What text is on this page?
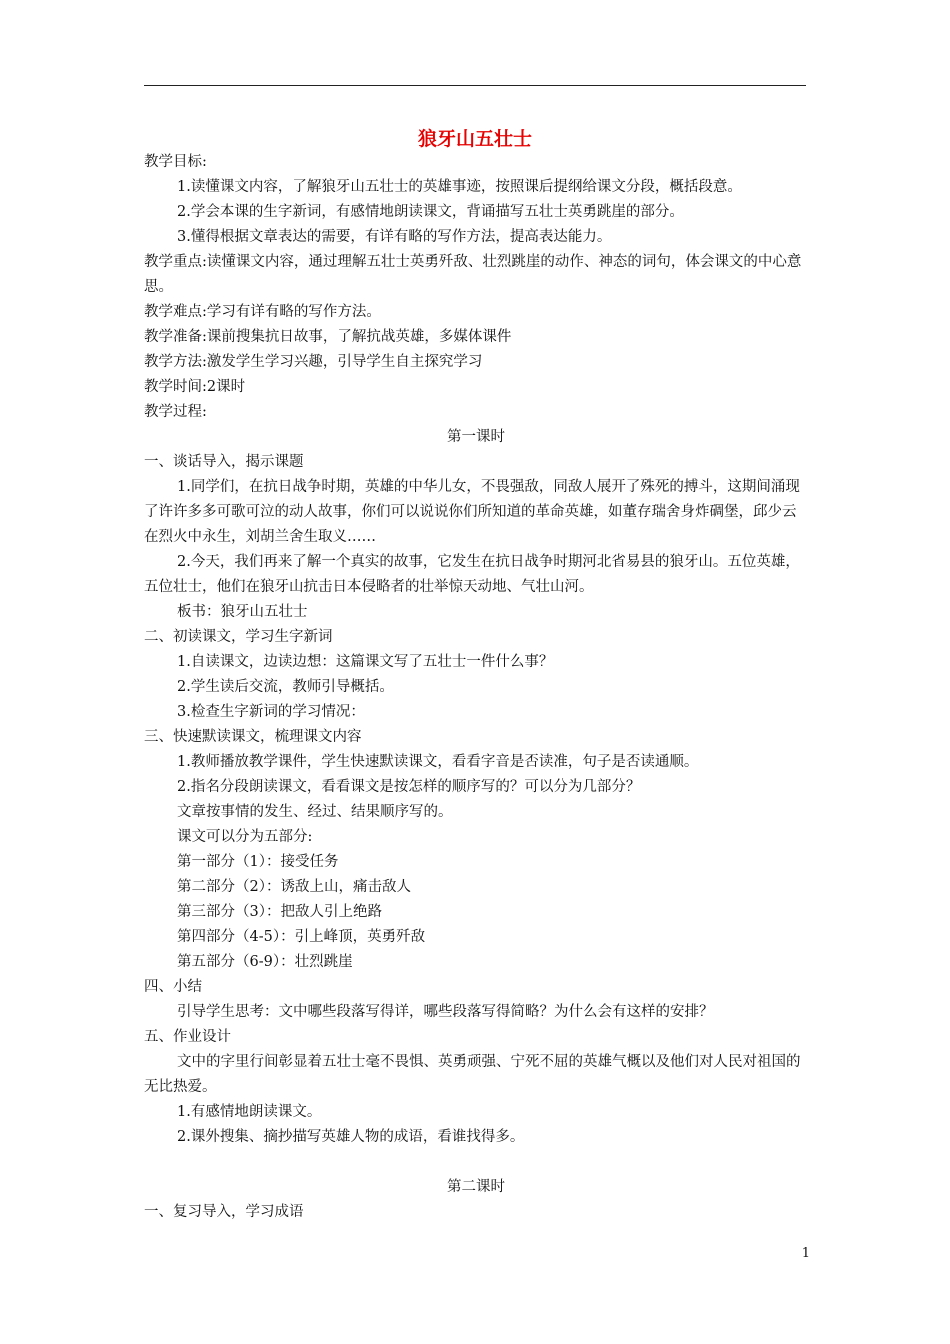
狼牙山五壮士

教学目标:

1.读懂课文内容，了解狼牙山五壮士的英雄事迹，按照课后提纲给课文分段，概括段意。

2.学会本课的生字新词，有感情地朗读课文，背诵描写五壮士英勇跳崖的部分。

3.懂得根据文章表达的需要，有详有略的写作方法，提高表达能力。

教学重点:读懂课文内容，通过理解五壮士英勇歼敌、壮烈跳崖的动作、神态的词句，体会课文的中心意思。

教学难点:学习有详有略的写作方法。

教学准备:课前搜集抗日故事，了解抗战英雄，多媒体课件

教学方法:激发学生学习兴趣，引导学生自主探究学习

教学时间:2课时

教学过程:

第一课时

一、谈话导入，揭示课题

1.同学们，在抗日战争时期，英雄的中华儿女，不畏强敌，同敌人展开了殊死的搏斗，这期间涌现了许许多多可歌可泣的动人故事，你们可以说说你们所知道的革命英雄，如董存瑞舍身炸碉堡，邱少云在烈火中永生，刘胡兰舍生取义……

2.今天，我们再来了解一个真实的故事，它发生在抗日战争时期河北省易县的狼牙山。五位英雄，五位壮士，他们在狼牙山抗击日本侵略者的壮举惊天动地、气壮山河。

板书：狼牙山五壮士

二、初读课文，学习生字新词

1.自读课文，边读边想：这篇课文写了五壮士一件什么事？

2.学生读后交流，教师引导概括。

3.检查生字新词的学习情况：

三、快速默读课文，梳理课文内容

1.教师播放教学课件，学生快速默读课文，看看字音是否读准，句子是否读通顺。

2.指名分段朗读课文，看看课文是按怎样的顺序写的？可以分为几部分？

文章按事情的发生、经过、结果顺序写的。

课文可以分为五部分:

第一部分（1）：接受任务

第二部分（2）：诱敌上山，痛击敌人

第三部分（3）：把敌人引上绝路

第四部分（4-5）：引上峰顶，英勇歼敌

第五部分（6-9）：壮烈跳崖

四、小结

引导学生思考：文中哪些段落写得详，哪些段落写得简略？为什么会有这样的安排？

五、作业设计

文中的字里行间彰显着五壮士毫不畏惧、英勇顽强、宁死不屈的英雄气概以及他们对人民对祖国的无比热爱。

1.有感情地朗读课文。

2.课外搜集、摘抄描写英雄人物的成语，看谁找得多。

第二课时

一、复习导入，学习成语

1
